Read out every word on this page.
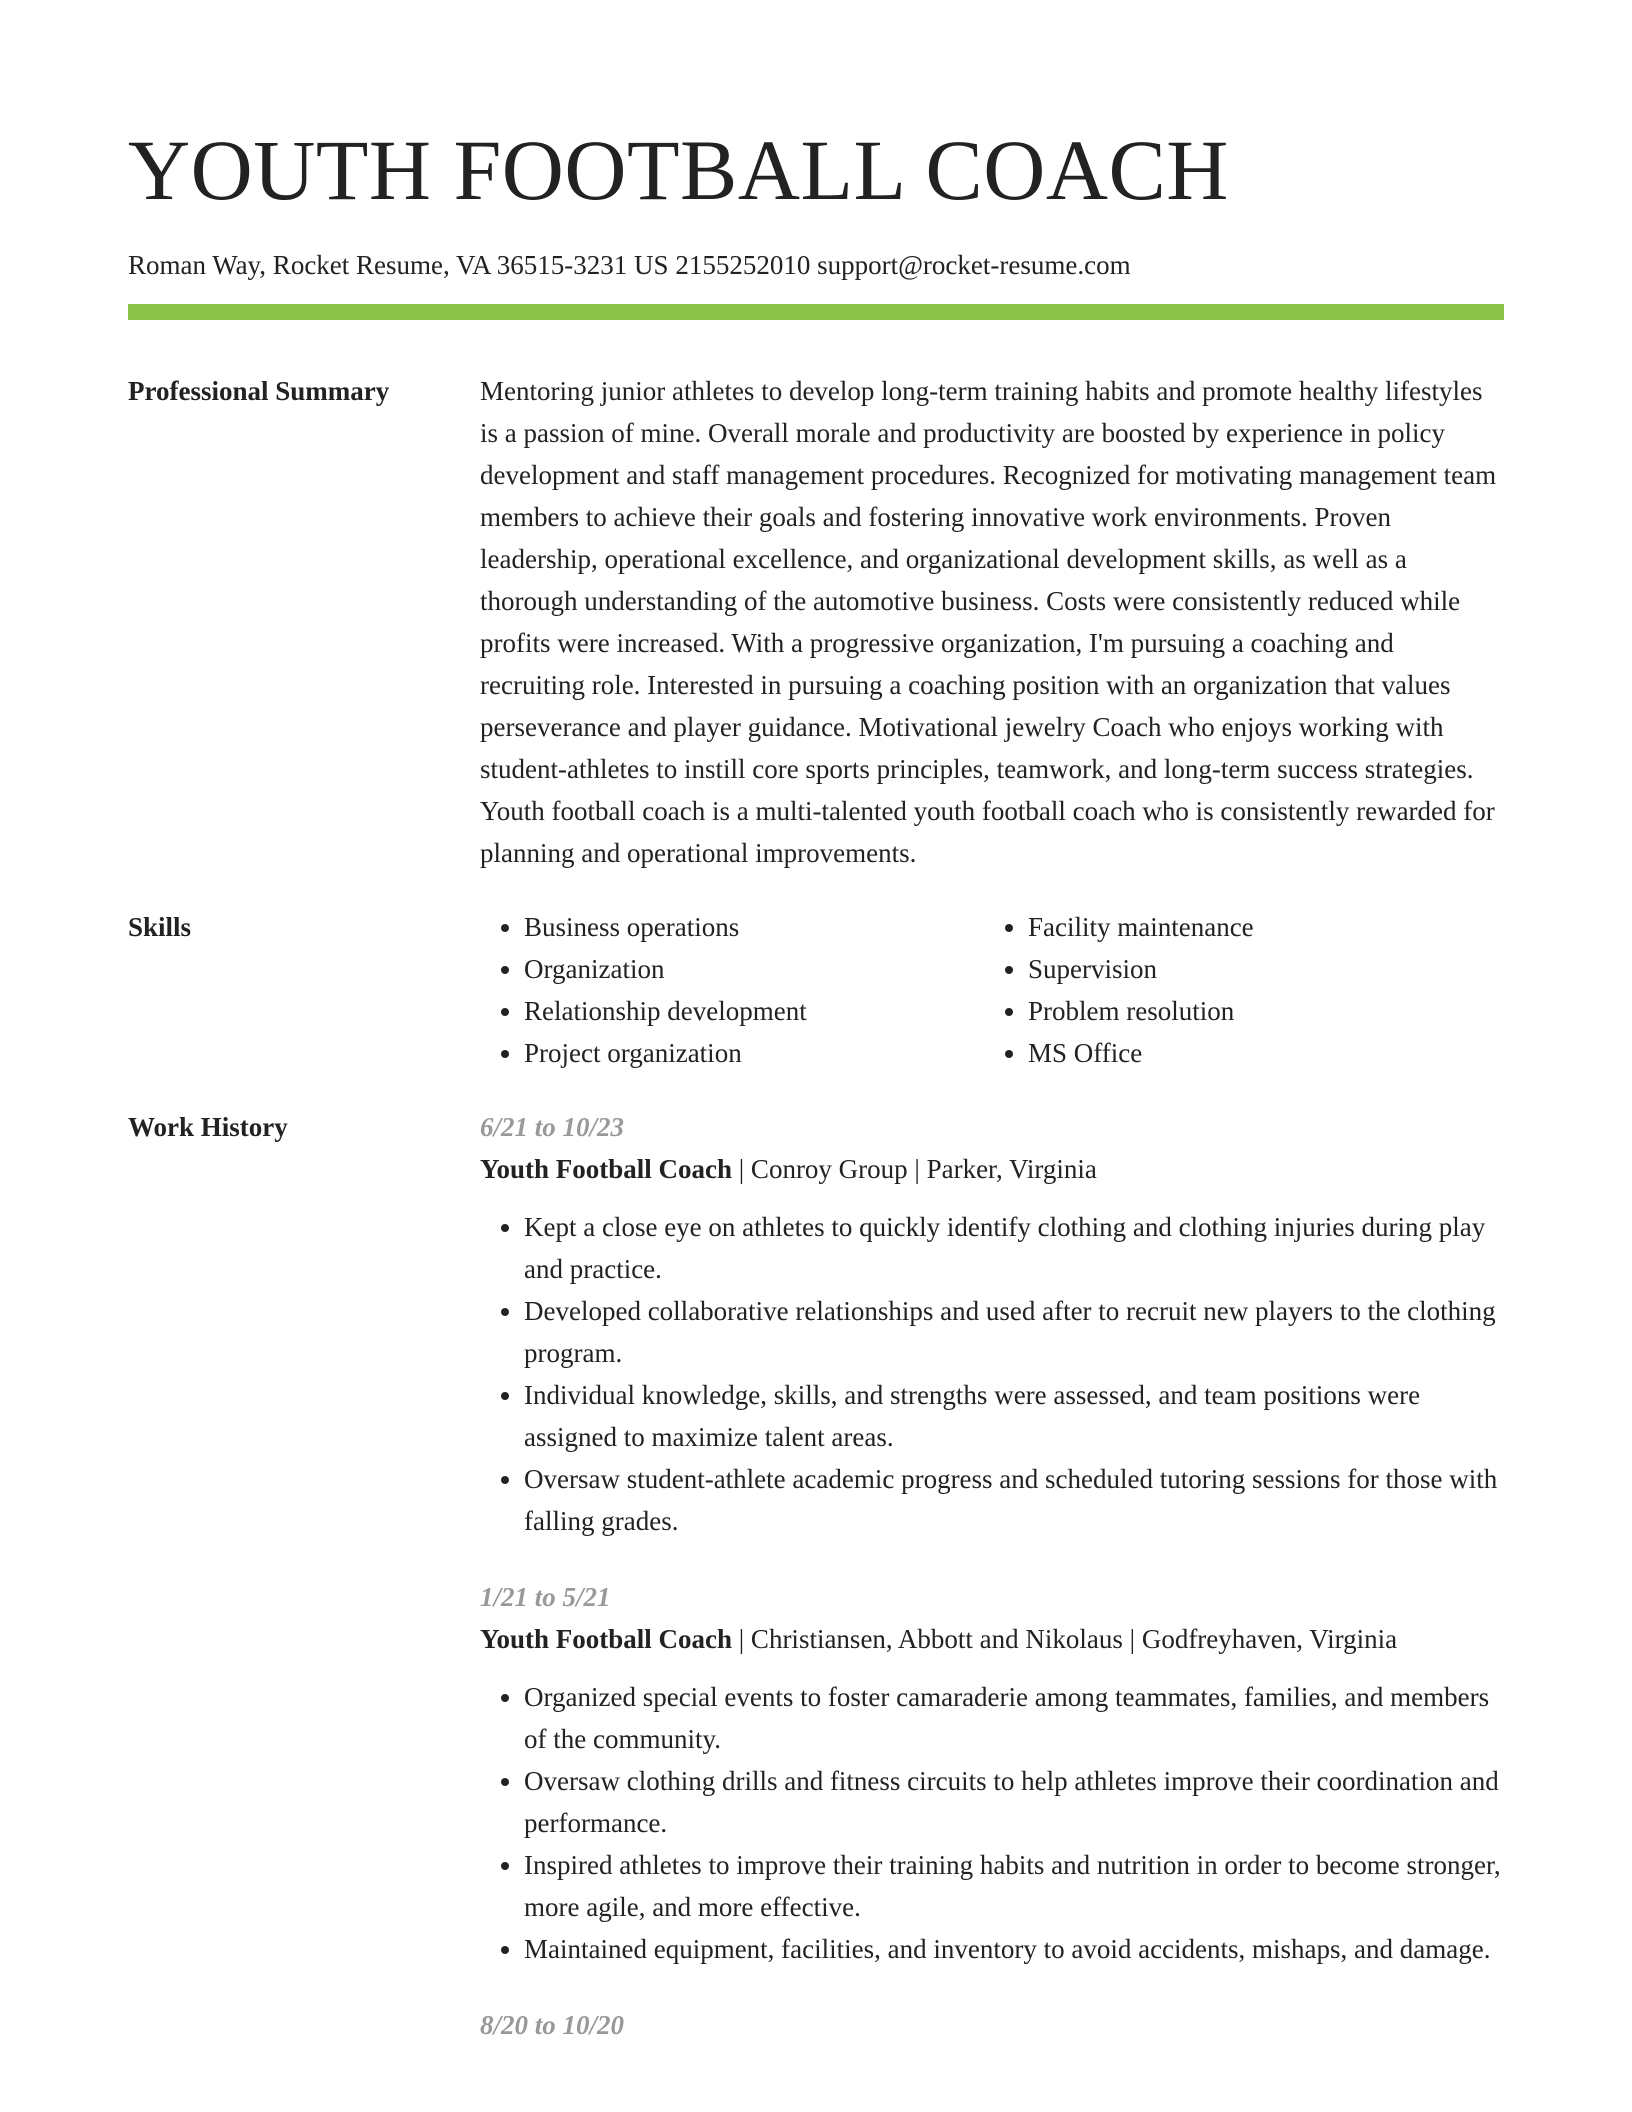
YOUTH FOOTBALL COACH
Roman Way, Rocket Resume, VA 36515-3231 US 2155252010 support@rocket-resume.com
Professional Summary	Mentoring junior athletes to develop long-term training habits and promote healthy lifestyles is a passion of mine. Overall morale and productivity are boosted by experience in policy development and staff management procedures. Recognized for motivating management team members to achieve their goals and fostering innovative work environments. Proven leadership, operational excellence, and organizational development skills, as well as a thorough understanding of the automotive business. Costs were consistently reduced while profits were increased. With a progressive organization, I'm pursuing a coaching and recruiting role. Interested in pursuing a coaching position with an organization that values perseverance and player guidance. Motivational jewelry Coach who enjoys working with student-athletes to instill core sports principles, teamwork, and long-term success strategies. Youth football coach is a multi-talented youth football coach who is consistently rewarded for planning and operational improvements.

Skills
•	Business operations
• Organization
• Relationship development
• Project organization
• Facility maintenance
• Supervision
• Problem resolution
• MS Office
Work History	6/21 to 10/23
Youth Football Coach | Conroy Group | Parker, Virginia
• Kept a close eye on athletes to quickly identify clothing and clothing injuries during play and practice.
• Developed collaborative relationships and used after to recruit new players to the clothing program.
• Individual knowledge, skills, and strengths were assessed, and team positions were assigned to maximize talent areas.
• Oversaw student-athlete academic progress and scheduled tutoring sessions for those with falling grades.
1/21 to 5/21
Youth Football Coach | Christiansen, Abbott and Nikolaus | Godfreyhaven, Virginia
• Organized special events to foster camaraderie among teammates, families, and members of the community.
• Oversaw clothing drills and fitness circuits to help athletes improve their coordination and performance.
• Inspired athletes to improve their training habits and nutrition in order to become stronger, more agile, and more effective.
• Maintained equipment, facilities, and inventory to avoid accidents, mishaps, and damage.
8/20 to 10/20
